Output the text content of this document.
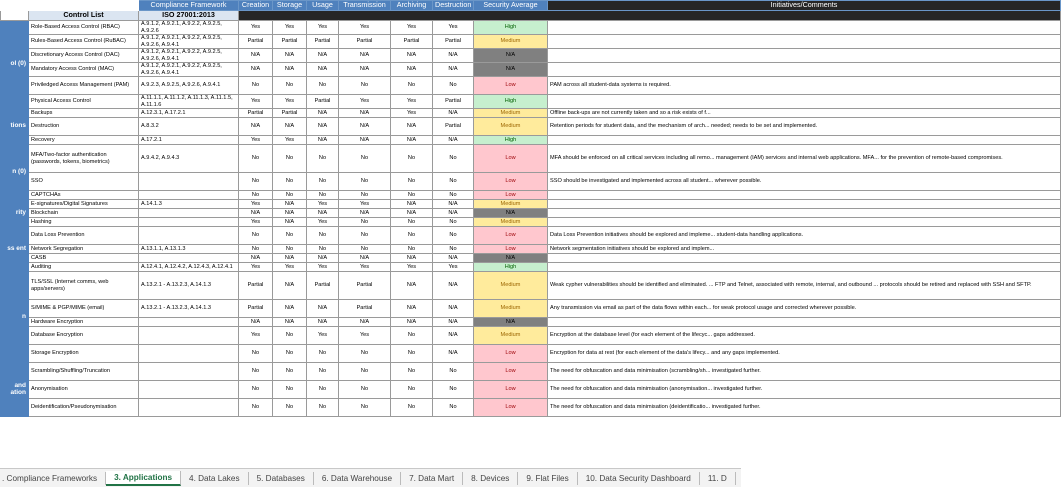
		Compliance Framework	Creation	Storage	Usage	Transmission	Archiving	Destruction	Security Average	Initiatives/Comments
	Control List	ISO 27001:2013								
ol (0)	Role-Based Access Control (RBAC)	A.9.1.2, A.9.2.1, A.9.2.2, A.9.2.5, A.9.2.6	Yes	Yes	Yes	Yes	Yes	Yes	High	
	Rules-Based Access Control (RuBAC)	A.9.1.2, A.9.2.1, A.9.2.2, A.9.2.5, A.9.2.6, A.9.4.1	Partial	Partial	Partial	Partial	Partial	Partial	Medium	
	Discretionary Access Control (DAC)	A.9.1.2, A.9.2.1, A.9.2.2, A.9.2.5, A.9.2.6, A.9.4.1	N/A	N/A	N/A	N/A	N/A	N/A	N/A	
	Mandatory Access Control (MAC)	A.9.1.2, A.9.2.1, A.9.2.2, A.9.2.5, A.9.2.6, A.9.4.1	N/A	N/A	N/A	N/A	N/A	N/A	N/A	
	Priviledged Access Management (PAM)	A.9.2.3, A.9.2.5, A.9.2.6, A.9.4.1	No	No	No	No	No	No	Low	PAM across all student-data systems is required.
	Physical Access Control	A.11.1.1, A.11.1.2, A.11.1.3, A.11.1.5, A.11.1.6	Yes	Yes	Partial	Yes	Yes	Partial	High	
tions	Backups	A.12.3.1, A.17.2.1	Partial	Partial	N/A	N/A	Yes	N/A	Medium	Offline back-ups are not currently taken and so a risk exists of f...
	Destruction	A.8.3.2	N/A	N/A	N/A	N/A	N/A	Partial	Medium	Retention periods for student data, and the mechanism of arch... needed; needs to be set and implemented.
	Recovery	A.17.2.1	Yes	Yes	N/A	N/A	N/A	N/A	High	
n (0)	MFA/Two-factor authentication (passwords, tokens, biometrics)	A.9.4.2, A.9.4.3	No	No	No	No	No	No	Low	MFA should be enforced on all critical services including all remo... management (IAM) services and internal web applications. MFA... for the prevention of remote-based compromises.
	SSO		No	No	No	No	No	No	Low	SSO should be investigated and implemented across all student... wherever possible.
	CAPTCHAs		No	No	No	No	No	No	Low	
rity	E-signatures/Digital Signatures	A.14.1.3	Yes	N/A	Yes	Yes	N/A	N/A	Medium	
	Blockchain		N/A	N/A	N/A	N/A	N/A	N/A	N/A	
	Hashing		Yes	N/A	Yes	No	No	No	Medium	
ss ent	Data Loss Prevention		No	No	No	No	No	No	Low	Data Loss Prevention initiatives should be explored and impleme... student-data handling applications.
	Network Segregation	A.13.1.1, A.13.1.3	No	No	No	No	No	No	Low	Network segmentation initiatives should be explored and implem...
	CASB		N/A	N/A	N/A	N/A	N/A	N/A	N/A	
	Auditing	A.12.4.1, A.12.4.2, A.12.4.3, A.12.4.1	Yes	Yes	Yes	Yes	Yes	Yes	High	
n	TLS/SSL (Internet comms, web apps/servers)	A.13.2.1 - A.13.2.3, A.14.1.3	Partial	N/A	Partial	Partial	N/A	N/A	Medium	Weak cypher vulnerabilities should be identified and eliminated. ... FTP and Telnet, associated with remote, internal, and outbound ... protocols should be retired and replaced with SSH and SFTP.
	S/MIME & PGP/MIME (email)	A.13.2.1 - A.13.2.3, A.14.1.3	Partial	N/A	N/A	Partial	N/A	N/A	Medium	Any transmission via email as part of the data flows within each... for weak protocol usage and corrected wherever possible.
	Hardware Encryption		N/A	N/A	N/A	N/A	N/A	N/A	N/A	
	Database Encryption		Yes	No	Yes	Yes	No	N/A	Medium	Encryption at the database level (for each element of the lifecyc... gaps addressed.
	Storage Encryption		No	No	No	No	No	N/A	Low	Encryption for data at rest (for each element of the data's lifecy... and any gaps implemented.
and ation	Scrambling/Shuffling/Truncation		No	No	No	No	No	No	Low	The need for obfuscation and data minimisation (scrambling/sh... investigated further.
	Anonymisation		No	No	No	No	No	No	Low	The need for obfuscation and data minimisation (anonymisation... investigated further.
	Deidentification/Pseudonymisation		No	No	No	No	No	No	Low	The need for obfuscation and data minimisation (deidentificatio... investigated further.
. Compliance Frameworks	3. Applications	4. Data Lakes	5. Databases	6. Data Warehouse	7. Data Mart	8. Devices	9. Flat Files	10. Data Security Dashboard	11. D
